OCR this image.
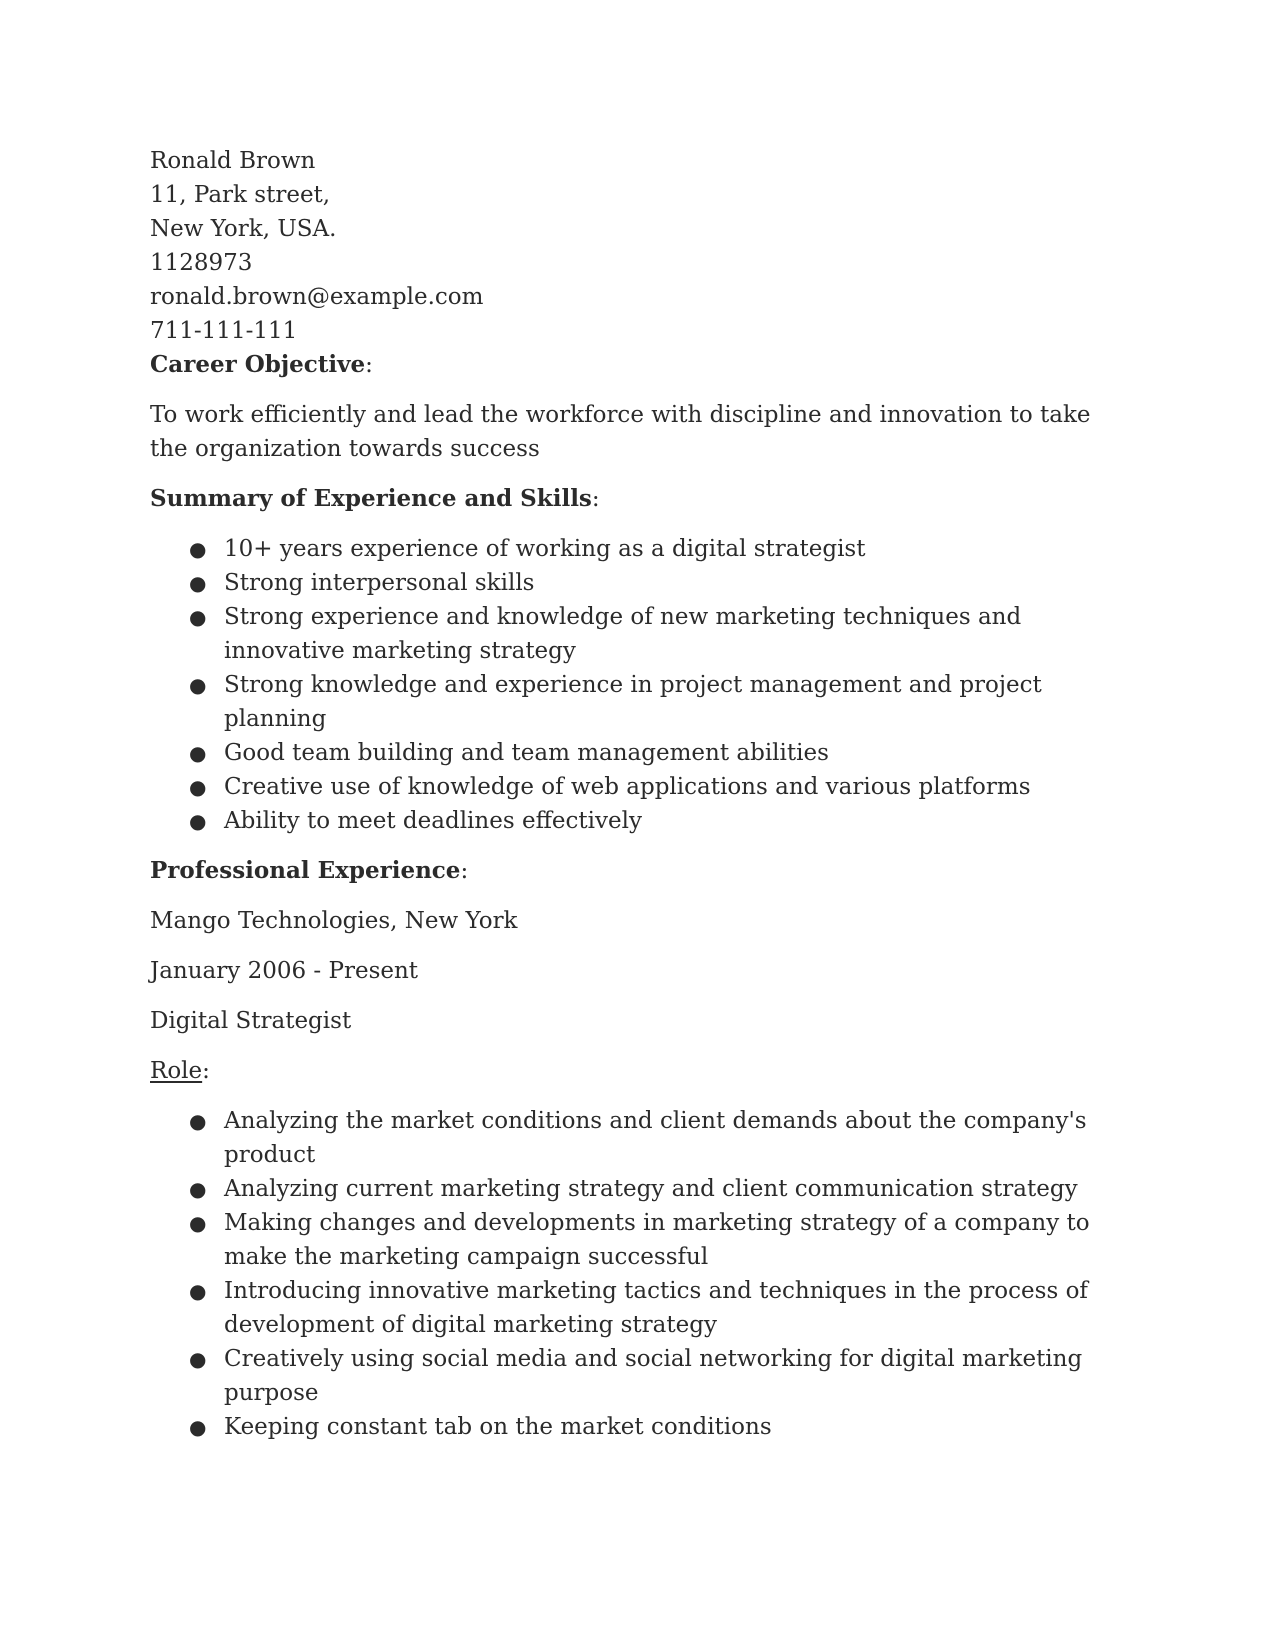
Ronald Brown
11, Park street,
New York, USA.
1128973
ronald.brown@example.com
711-111-111

Career Objective:

To work efficiently and lead the workforce with discipline and innovation to take the organization towards success

Summary of Experience and Skills:

● 10+ years experience of working as a digital strategist
● Strong interpersonal skills
● Strong experience and knowledge of new marketing techniques and innovative marketing strategy
● Strong knowledge and experience in project management and project planning
● Good team building and team management abilities
● Creative use of knowledge of web applications and various platforms
● Ability to meet deadlines effectively

Professional Experience:

Mango Technologies, New York

January 2006 - Present

Digital Strategist

Role:

● Analyzing the market conditions and client demands about the company's product
● Analyzing current marketing strategy and client communication strategy
● Making changes and developments in marketing strategy of a company to make the marketing campaign successful
● Introducing innovative marketing tactics and techniques in the process of development of digital marketing strategy
● Creatively using social media and social networking for digital marketing purpose
● Keeping constant tab on the market conditions
